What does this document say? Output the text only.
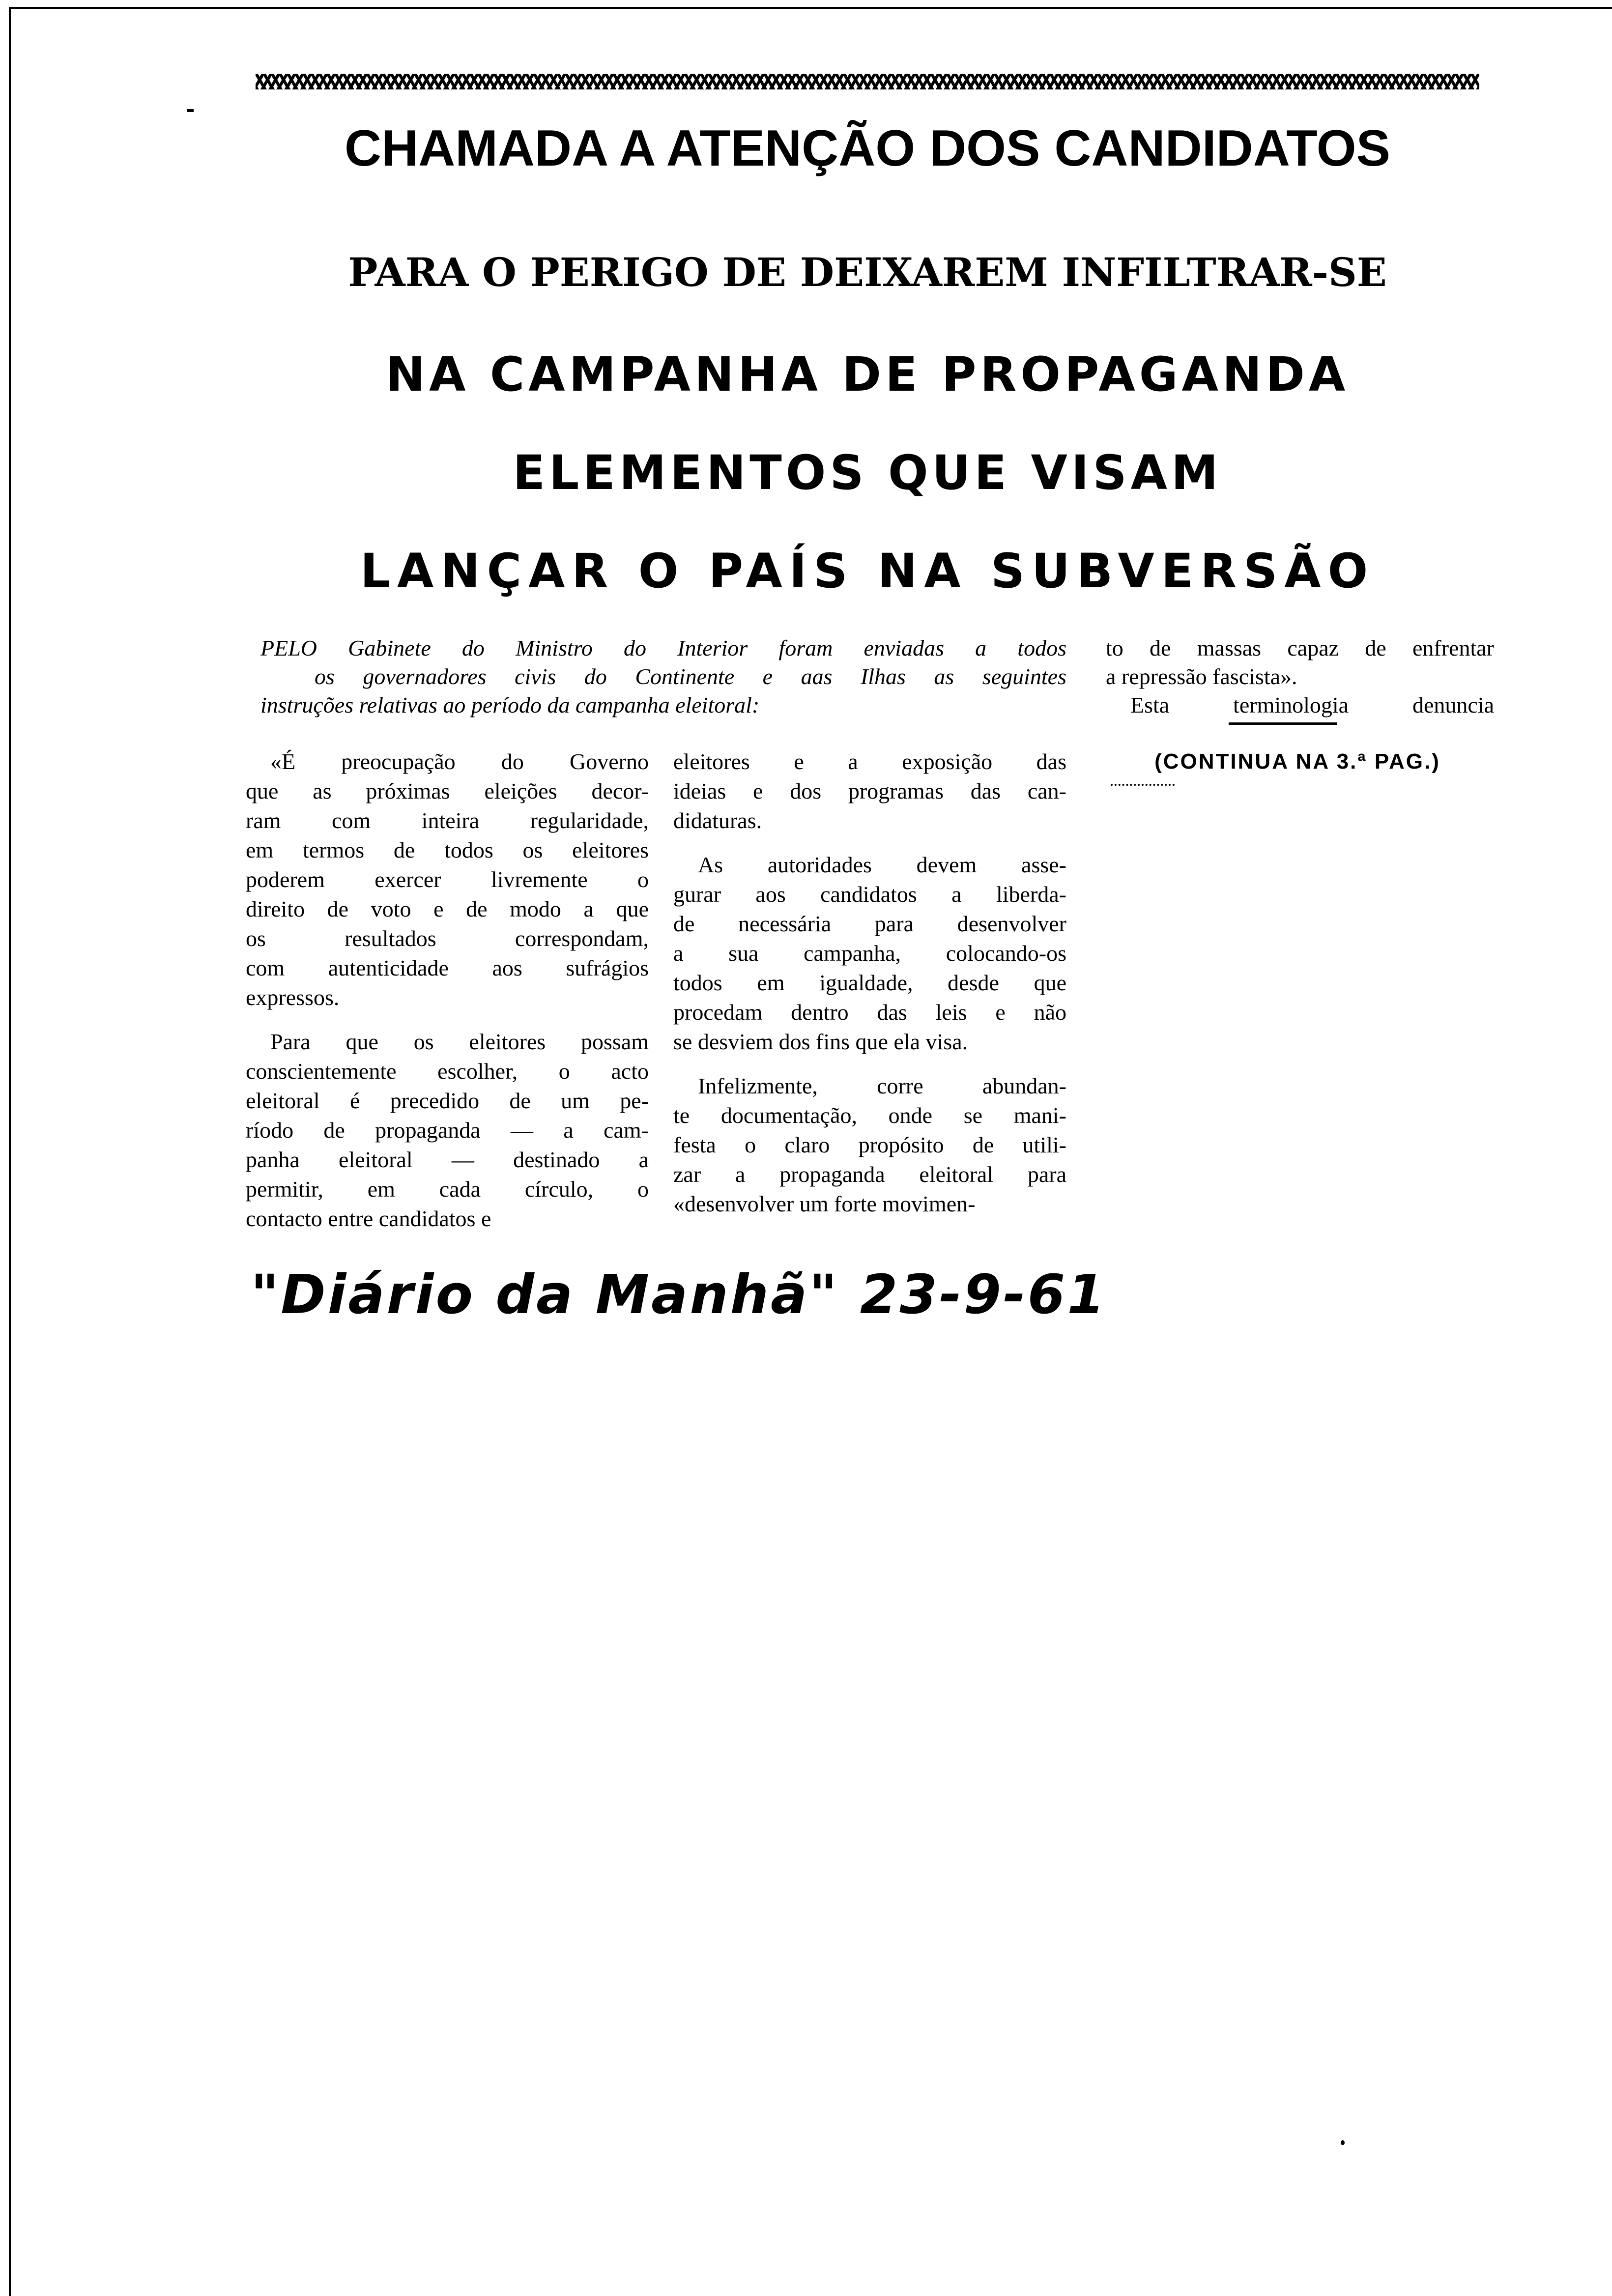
CHAMADA A ATENÇÃO DOS CANDIDATOS
PARA O PERIGO DE DEIXAREM INFILTRAR-SE
NA CAMPANHA DE PROPAGANDA
ELEMENTOS QUE VISAM
LANÇAR O PAÍS NA SUBVERSÃO
PELO Gabinete do Ministro do Interior foram enviadas a todos
os governadores civis do Continente e aas Ilhas as seguintes
instruções relativas ao período da campanha eleitoral:
to de massas capaz de enfrentar
a repressão fascista».
Esta terminologia denuncia
(CONTINUA NA 3.ª PAG.)
«É preocupação do Governo
que as próximas eleições decor-
ram com inteira regularidade,
em termos de todos os eleitores
poderem exercer livremente o
direito de voto e de modo a que
os resultados correspondam,
com autenticidade aos sufrágios
expressos.
Para que os eleitores possam
conscientemente escolher, o acto
eleitoral é precedido de um pe-
ríodo de propaganda — a cam-
panha eleitoral — destinado a
permitir, em cada círculo, o
contacto entre candidatos e
eleitores e a exposição das
ideias e dos programas das can-
didaturas.
As autoridades devem asse-
gurar aos candidatos a liberda-
de necessária para desenvolver
a sua campanha, colocando-os
todos em igualdade, desde que
procedam dentro das leis e não
se desviem dos fins que ela visa.
Infelizmente, corre abundan-
te documentação, onde se mani-
festa o claro propósito de utili-
zar a propaganda eleitoral para
«desenvolver um forte movimen-
"Diário da Manhã" 23-9-61
